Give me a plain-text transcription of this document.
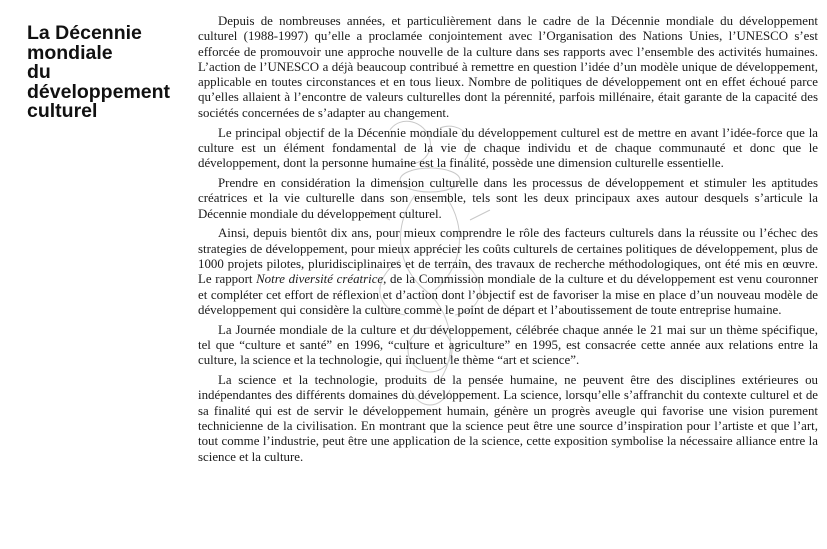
La Décennie
mondiale
du
développement
culturel

Depuis de nombreuses années, et particulièrement dans le cadre de la Décennie mondiale du développement culturel (1988-1997) qu’elle a proclamée conjointement avec l’Organisation des Nations Unies, l’UNESCO s’est efforcée de promouvoir une approche nouvelle de la culture dans ses rapports avec l’ensemble des activités humaines. L’action de l’UNESCO a déjà beaucoup contribué à remettre en question l’idée d’un modèle unique de développement, applicable en toutes circonstances et en tous lieux. Nombre de politiques de développement ont en effet échoué parce qu’elles allaient à l’encontre de valeurs culturelles dont la pérennité, parfois millénaire, était garante de la capacité des sociétés concernées de s’adapter au changement.

Le principal objectif de la Décennie mondiale du développement culturel est de mettre en avant l’idée-force que la culture est un élément fondamental de la vie de chaque individu et de chaque communauté et donc que le développement, dont la personne humaine est la finalité, possède une dimension culturelle essentielle.

Prendre en considération la dimension culturelle dans les processus de développement et stimuler les aptitudes créatrices et la vie culturelle dans son ensemble, tels sont les deux principaux axes autour desquels s’articule la Décennie mondiale du développement culturel.

Ainsi, depuis bientôt dix ans, pour mieux comprendre le rôle des facteurs culturels dans la réussite ou l’échec des strategies de développement, pour mieux apprécier les coûts culturels de certaines politiques de développement, plus de 1000 projets pilotes, pluridisciplinaires et de terrain, des travaux de recherche méthodologiques, ont été mis en œuvre. Le rapport Notre diversité créatrice, de la Commission mondiale de la culture et du développement est venu couronner et compléter cet effort de réflexion et d’action dont l’objectif est de favoriser la mise en place d’un nouveau modèle de développement qui considère la culture comme le point de départ et l’aboutissement de toute entreprise humaine.

La Journée mondiale de la culture et du développement, célébrée chaque année le 21 mai sur un thème spécifique, tel que “culture et santé” en 1996, “culture et agriculture” en 1995, est consacrée cette année aux relations entre la culture, la science et la technologie, qui incluent le thème “art et science”.

La science et la technologie, produits de la pensée humaine, ne peuvent être des disciplines extérieures ou indépendantes des différents domaines du développement. La science, lorsqu’elle s’affranchit du contexte culturel et de sa finalité qui est de servir le développement humain, génère un progrès aveugle qui favorise une vision purement technicienne de la civilisation. En montrant que la science peut être une source d’inspiration pour l’artiste et que l’art, tout comme l’industrie, peut être une application de la science, cette exposition symbolise la nécessaire alliance entre la science et la culture.
